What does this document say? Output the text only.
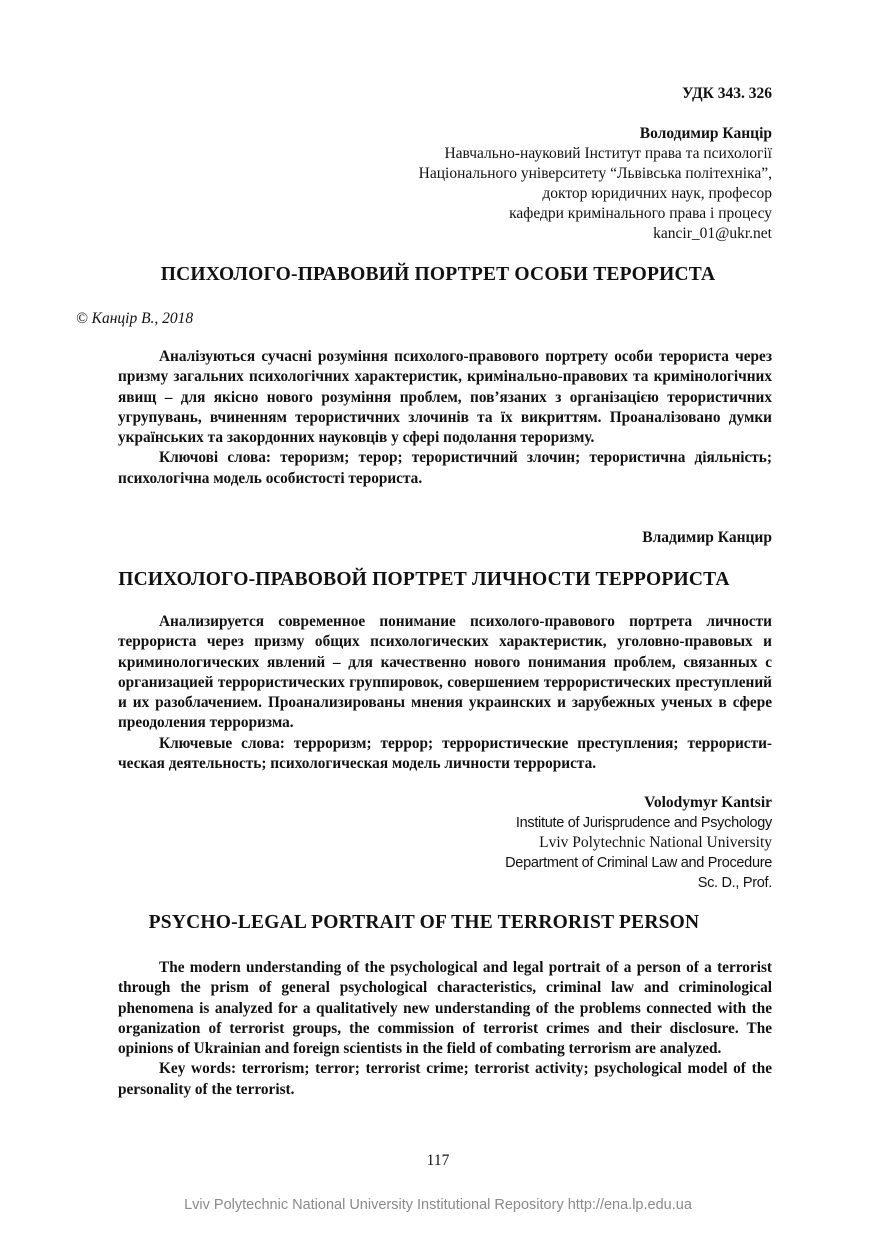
УДК 343. 326
Володимир Канцір
Навчально-науковий Інститут права та психології
Національного університету “Львівська політехніка”,
доктор юридичних наук, професор
кафедри кримінального права і процесу
kancir_01@ukr.net
ПСИХОЛОГО-ПРАВОВИЙ ПОРТРЕТ ОСОБИ ТЕРОРИСТА
© Канцір В., 2018

Аналізуються сучасні розуміння психолого-правового портрету особи терориста через призму загальних психологічних характеристик, кримінально-правових та кримінологічних явищ – для якісно нового розуміння проблем, пов’язаних з організацією терористичних угрупувань, вчиненням терористичних злочинів та їх викриттям. Проаналізовано думки українських та закордонних науковців у сфері подолання тероризму.

Ключові слова: тероризм; терор; терористичний злочин; терористична діяльність; психологічна модель особистості терориста.

Владимир Канцир
ПСИХОЛОГО-ПРАВОВОЙ ПОРТРЕТ ЛИЧНОСТИ ТЕРРОРИСТА

Анализируется современное понимание психолого-правового портрета личности террориста через призму общих психологических характеристик, уголовно-правовых и криминологических явлений – для качественно нового понимания проблем, связанных с организацией террористических группировок, совершением террористических преступлений и их разоблачением. Проанализированы мнения украинских и зарубежных ученых в сфере преодоления терроризма.

Ключевые слова: терроризм; террор; террористические преступления; террористи-ческая деятельность; психологическая модель личности террориста.

Volodymyr Kantsir
Institute of Jurisprudence and Psychology
Lviv Polytechnic National University
Department of Criminal Law and Procedure
Sc. D., Prof.
PSYCHO-LEGAL PORTRAIT OF THE TERRORIST PERSON

The modern understanding of the psychological and legal portrait of a person of a terrorist through the prism of general psychological characteristics, criminal law and criminological phenomena is analyzed for a qualitatively new understanding of the problems connected with the organization of terrorist groups, the commission of terrorist crimes and their disclosure. The opinions of Ukrainian and foreign scientists in the field of combating terrorism are analyzed.

Key words: terrorism; terror; terrorist crime; terrorist activity; psychological model of the personality of the terrorist.

117
Lviv Polytechnic National University Institutional Repository http://ena.lp.edu.ua
